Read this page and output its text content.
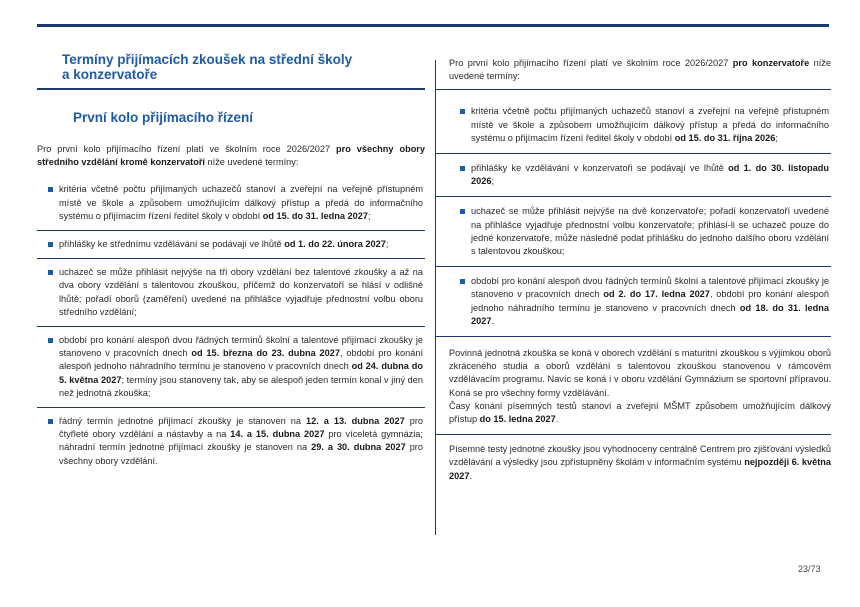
Termíny přijímacích zkoušek na střední školy
a konzervatoře
První kolo přijímacího řízení

Pro první kolo přijímacího řízení platí ve školním roce 2026/2027 pro všechny obory středního vzdělání kromě konzervatoří níže uvedené termíny:

kritéria včetně počtu přijímaných uchazečů stanoví a zveřejní na veřejně přístupném místě ve škole a způsobem umožňujícím dálkový přístup a předá do informačního systému o přijímacím řízení ředitel školy v období od 15. do 31. ledna 2027;

přihlášky ke střednímu vzdělávání se podávají ve lhůtě od 1. do 22. února 2027;

uchazeč se může přihlásit nejvýše na tři obory vzdělání bez talentové zkoušky a až na dva obory vzdělání s talentovou zkouškou, přičemž do konzervatoří se hlásí v odlišné lhůtě; pořadí oborů (zaměření) uvedené na přihlášce vyjadřuje přednostní volbu oboru středního vzdělání;

období pro konání alespoň dvou řádných termínů školní a talentové přijímací zkoušky je stanoveno v pracovních dnech od 15. března do 23. dubna 2027, období pro konání alespoň jednoho náhradního termínu je stanoveno v pracovních dnech od 24. dubna do 5. května 2027; termíny jsou stanoveny tak, aby se alespoň jeden termín konal v jiný den než jednotná zkouška;

řádný termín jednotné přijímací zkoušky je stanoven na 12. a 13. dubna 2027 pro čtyřleté obory vzdělání a nástavby a na 14. a 15. dubna 2027 pro víceletá gymnázia; náhradní termín jednotné přijímací zkoušky je stanoven na 29. a 30. dubna 2027 pro všechny obory vzdělání.

Pro první kolo přijímacího řízení platí ve školním roce 2026/2027 pro konzervatoře níže uvedené termíny:

kritéria včetně počtu přijímaných uchazečů stanoví a zveřejní na veřejně přístupném místě ve škole a způsobem umožňujícím dálkový přístup a předá do informačního systému o přijímacím řízení ředitel školy v období od 15. do 31. října 2026;

přihlášky ke vzdělávání v konzervatoři se podávají ve lhůtě od 1. do 30. listopadu 2026;

uchazeč se může přihlásit nejvýše na dvě konzervatoře; pořadí konzervatoří uvedené na přihlášce vyjadřuje přednostní volbu konzervatoře; přihlásí-li se uchazeč pouze do jedné konzervatoře, může následně podat přihlášku do jednoho dalšího oboru vzdělání s talentovou zkouškou;

období pro konání alespoň dvou řádných termínů školní a talentové přijímací zkoušky je stanoveno v pracovních dnech od 2. do 17. ledna 2027, období pro konání alespoň jednoho náhradního termínu je stanoveno v pracovních dnech od 18. do 31. ledna 2027.

Povinná jednotná zkouška se koná v oborech vzdělání s maturitní zkouškou s výjimkou oborů zkráceného studia a oborů vzdělání s talentovou zkouškou stanovenou v rámcovém vzdělávacím programu. Navíc se koná i v oboru vzdělání Gymnázium se sportovní přípravou. Koná se pro všechny formy vzdělávání.

Časy konání písemných testů stanoví a zveřejní MŠMT způsobem umožňujícím dálkový přístup do 15. ledna 2027.

Písemné testy jednotné zkoušky jsou vyhodnoceny centrálně Centrem pro zjišťování výsledků vzdělávání a výsledky jsou zpřístupněny školám v informačním systému nejpozději 6. května 2027.

23/73
